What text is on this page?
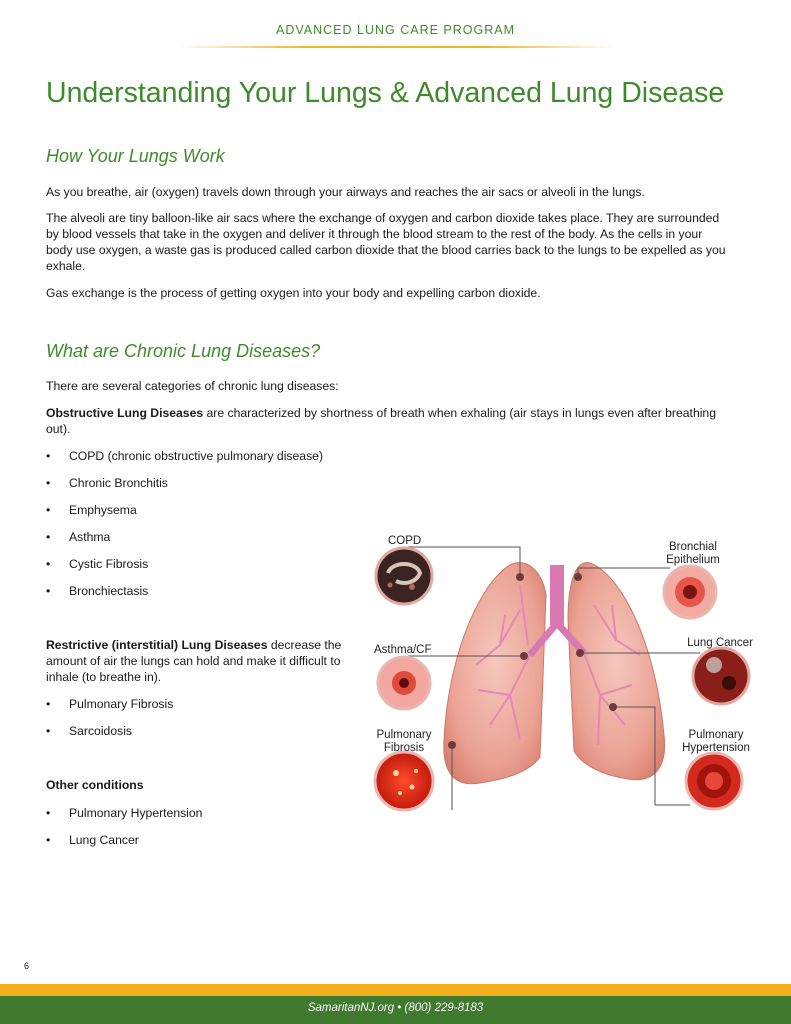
ADVANCED LUNG CARE PROGRAM
Understanding Your Lungs & Advanced Lung Disease
How Your Lungs Work

As you breathe, air (oxygen) travels down through your airways and reaches the air sacs or alveoli in the lungs.

The alveoli are tiny balloon-like air sacs where the exchange of oxygen and carbon dioxide takes place. They are surrounded by blood vessels that take in the oxygen and deliver it through the blood stream to the rest of the body. As the cells in your body use oxygen, a waste gas is produced called carbon dioxide that the blood carries back to the lungs to be expelled as you exhale.

Gas exchange is the process of getting oxygen into your body and expelling carbon dioxide.

What are Chronic Lung Diseases?

There are several categories of chronic lung diseases:

Obstructive Lung Diseases are characterized by shortness of breath when exhaling (air stays in lungs even after breathing out).

• COPD (chronic obstructive pulmonary disease)
• Chronic Bronchitis
• Emphysema
• Asthma
• Cystic Fibrosis
• Bronchiectasis

Restrictive (interstitial) Lung Diseases decrease the amount of air the lungs can hold and make it difficult to inhale (to breathe in).

• Pulmonary Fibrosis
• Sarcoidosis
Other conditions
• Pulmonary Hypertension
• Lung Cancer
COPD	Bronchial
Epithelium
Asthma/CF
Lung Cancer
Pulmonary
Fibrosis
Pulmonary
Hypertension
6
SamaritanNJ.org • (800) 229-8183
